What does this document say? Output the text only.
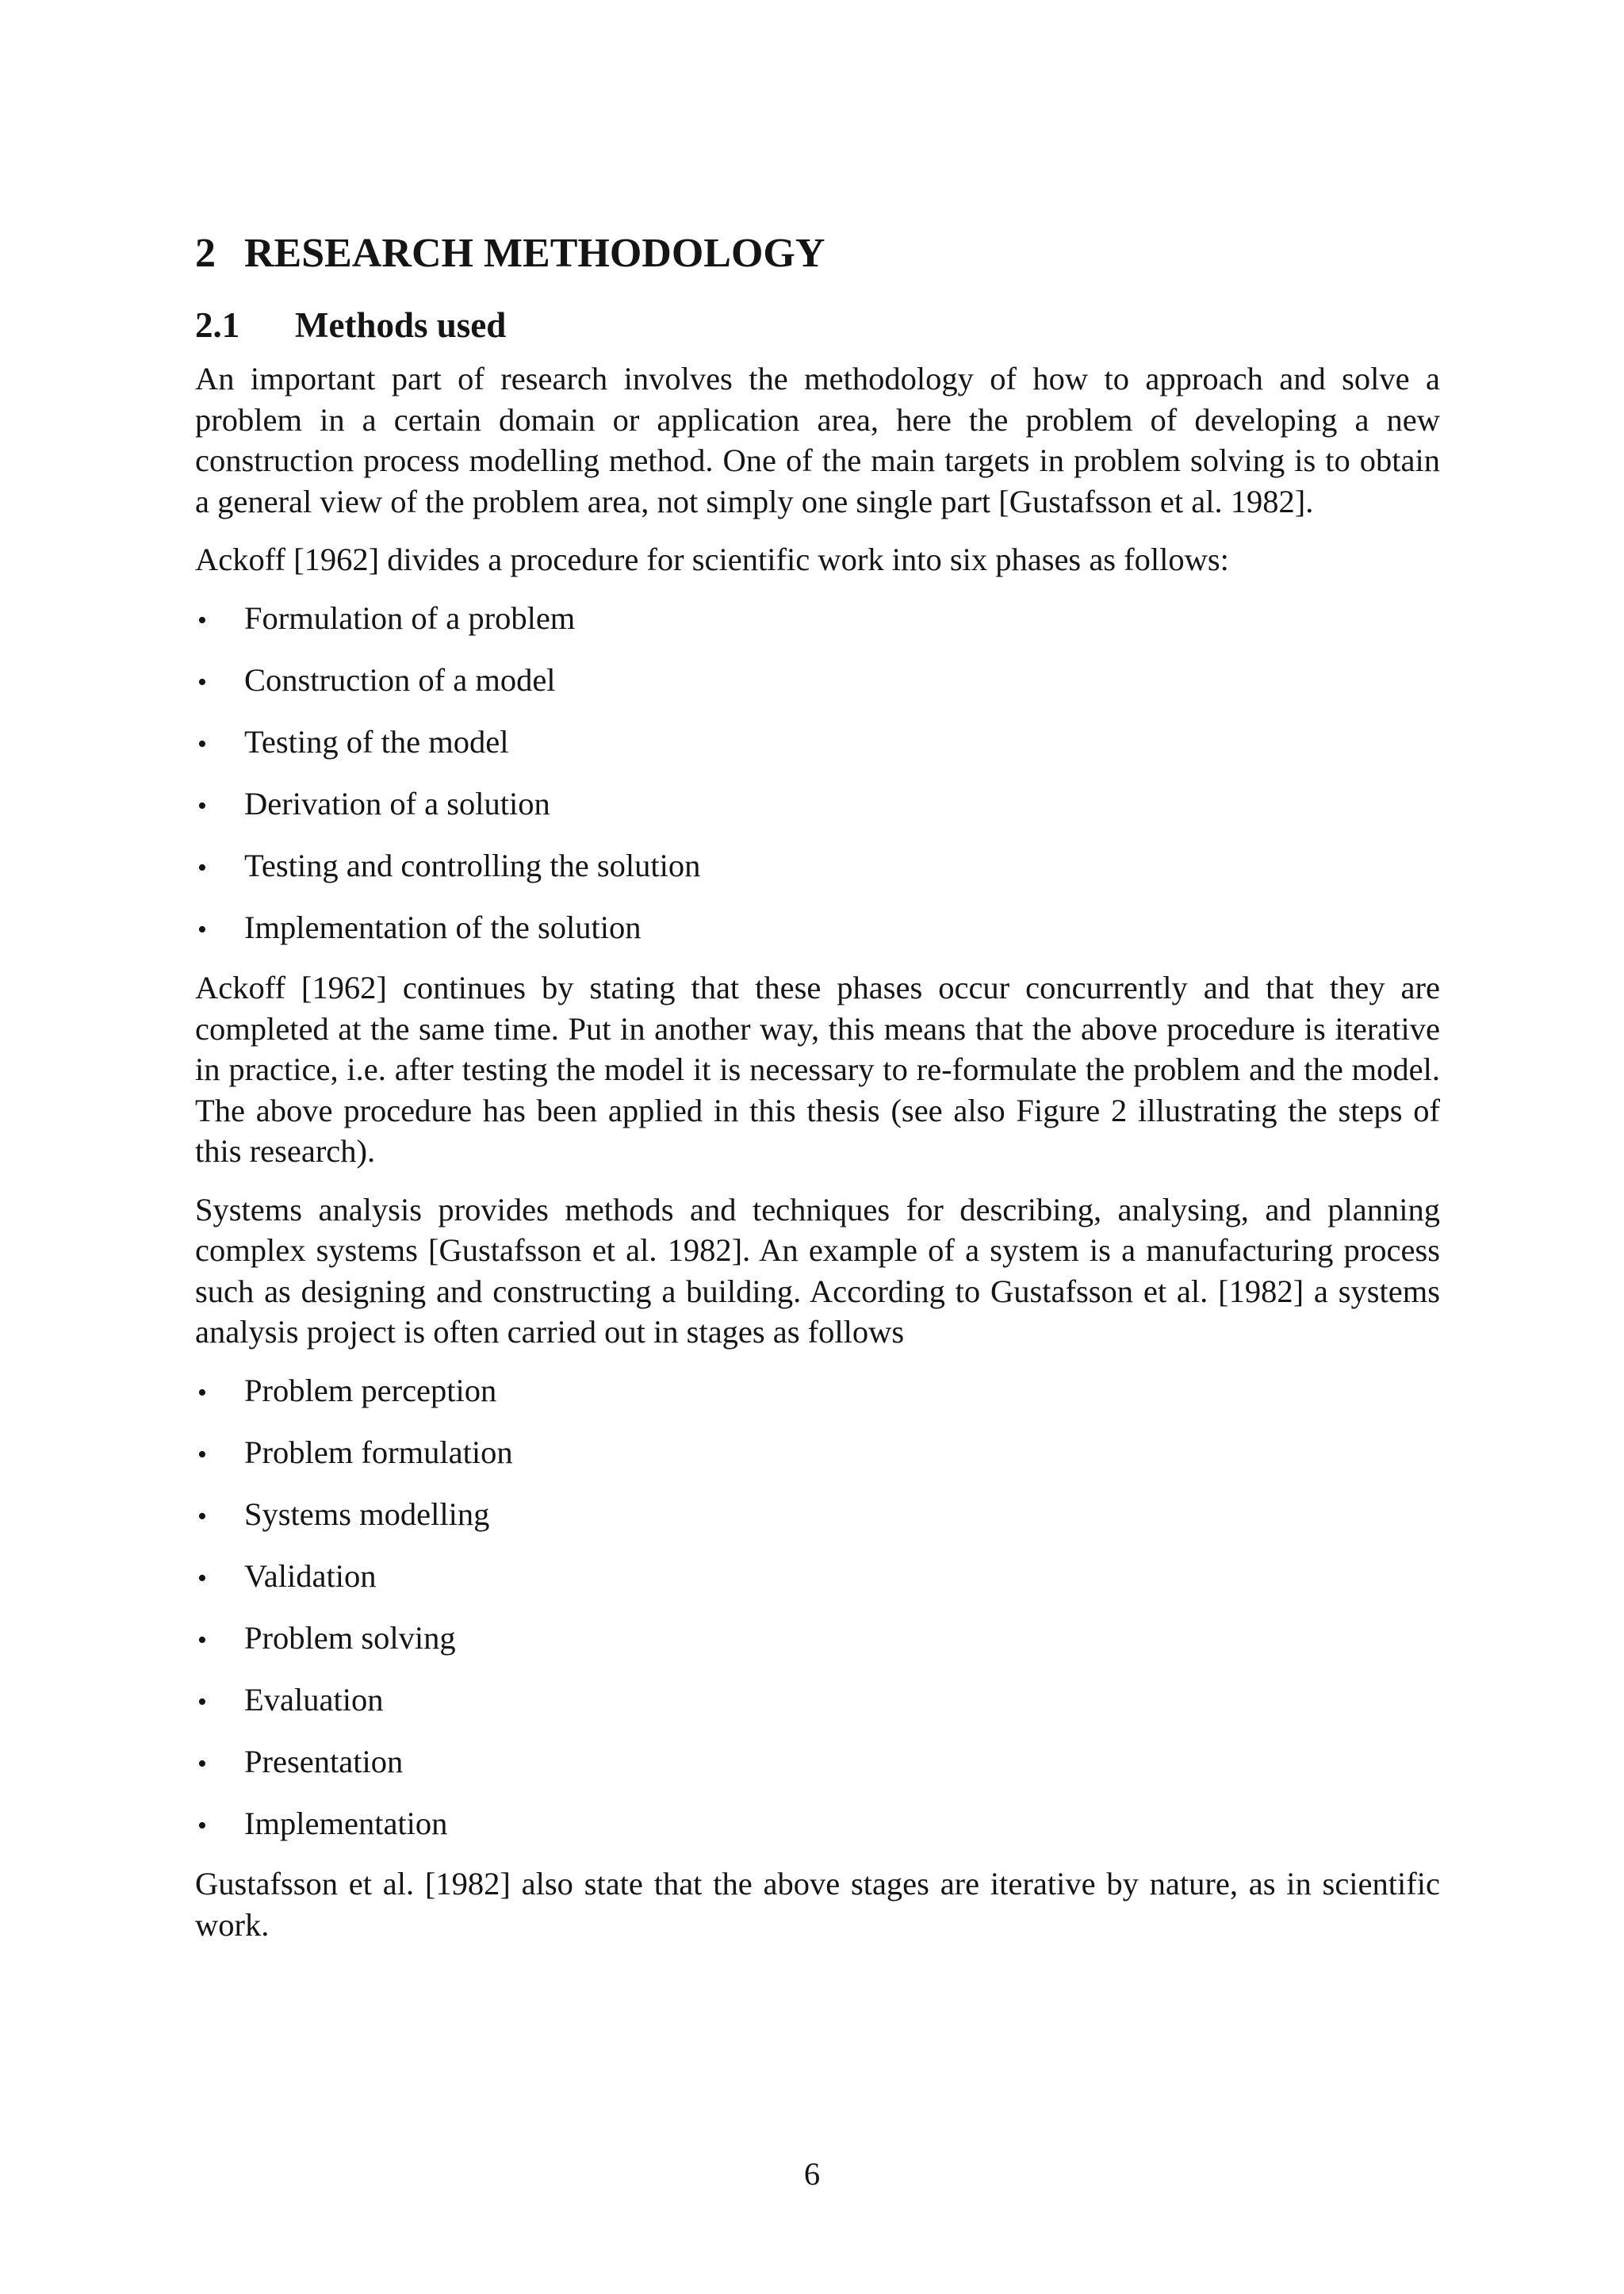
2 RESEARCH METHODOLOGY
2.1	Methods used

An important part of research involves the methodology of how to approach and solve a problem in a certain domain or application area, here the problem of developing a new construction process modelling method. One of the main targets in problem solving is to obtain a general view of the problem area, not simply one single part [Gustafsson et al. 1982].

Ackoff [1962] divides a procedure for scientific work into six phases as follows:

•	Formulation of a problem
•	Construction of a model
•	Testing of the model
•	Derivation of a solution
•	Testing and controlling the solution
•	Implementation of the solution

Ackoff [1962] continues by stating that these phases occur concurrently and that they are completed at the same time. Put in another way, this means that the above procedure is iterative in practice, i.e. after testing the model it is necessary to re-formulate the problem and the model. The above procedure has been applied in this thesis (see also Figure 2 illustrating the steps of this research).

Systems analysis provides methods and techniques for describing, analysing, and planning complex systems [Gustafsson et al. 1982]. An example of a system is a manufacturing process such as designing and constructing a building. According to Gustafsson et al. [1982] a systems analysis project is often carried out in stages as follows

•	Problem perception
•	Problem formulation
•	Systems modelling
•	Validation
•	Problem solving
•	Evaluation
•	Presentation
•	Implementation

Gustafsson et al. [1982] also state that the above stages are iterative by nature, as in scientific work.

6
